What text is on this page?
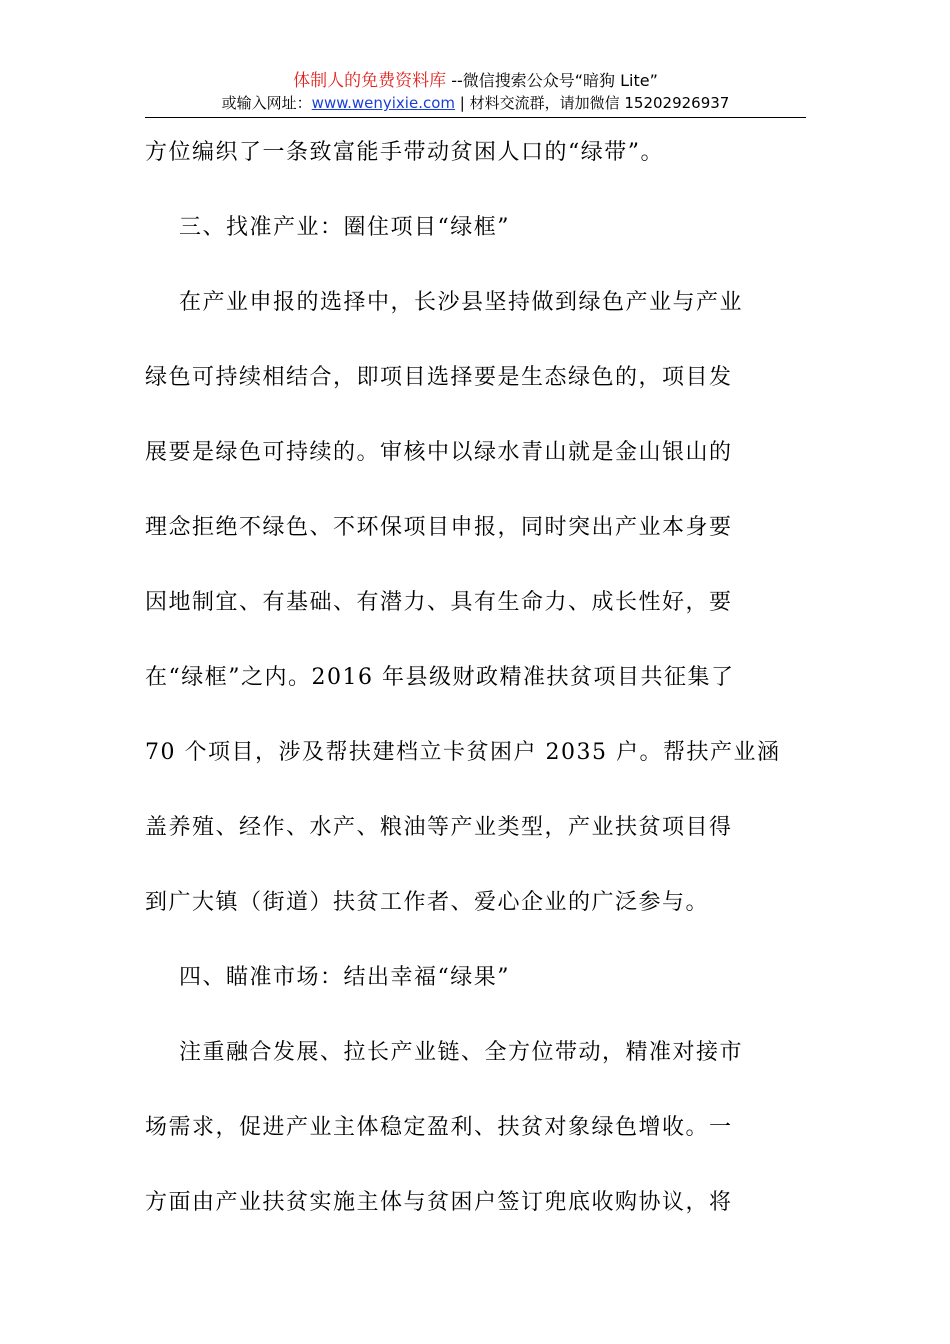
体制人的免费资料库 --微信搜索公众号“暗狗 Lite”
或输入网址：www.wenyixie.com | 材料交流群，请加微信 15202926937
方位编织了一条致富能手带动贫困人口的“绿带”。
三、找准产业：圈住项目“绿框”
在产业申报的选择中，长沙县坚持做到绿色产业与产业
绿色可持续相结合，即项目选择要是生态绿色的，项目发
展要是绿色可持续的。审核中以绿水青山就是金山银山的
理念拒绝不绿色、不环保项目申报，同时突出产业本身要
因地制宜、有基础、有潜力、具有生命力、成长性好，要
在“绿框”之内。2016 年县级财政精准扶贫项目共征集了
70 个项目，涉及帮扶建档立卡贫困户 2035 户。帮扶产业涵
盖养殖、经作、水产、粮油等产业类型，产业扶贫项目得
到广大镇（街道）扶贫工作者、爱心企业的广泛参与。
四、瞄准市场：结出幸福“绿果”
注重融合发展、拉长产业链、全方位带动，精准对接市
场需求，促进产业主体稳定盈利、扶贫对象绿色增收。一
方面由产业扶贫实施主体与贫困户签订兜底收购协议，将
